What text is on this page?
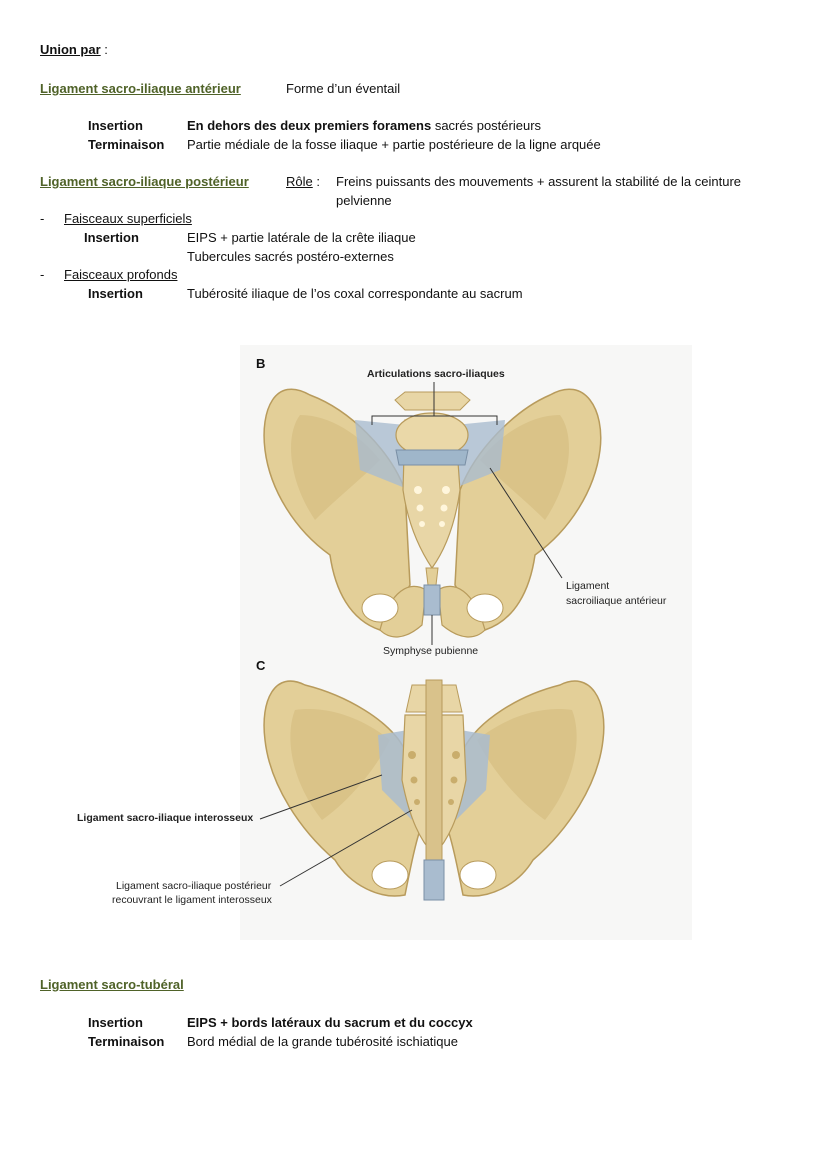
Union par :
Ligament sacro-iliaque antérieur	Forme d’un éventail
Insertion	En dehors des deux premiers foramens sacrés postérieurs
Terminaison Partie médiale de la fosse iliaque + partie postérieure de la ligne arquée
Ligament sacro-iliaque postérieur	Rôle : Freins puissants des mouvements + assurent la stabilité de la ceinture
pelvienne
- Faisceaux superficiels
Insertion	EIPS + partie latérale de la crête iliaque
Tubercules sacrés postéro-externes
- Faisceaux profonds
Insertion	Tubérosité iliaque de l’os coxal correspondante au sacrum
B
Articulations sacro-iliaques
Ligament
sacroiliaque antérieur
Symphyse pubienne
C
Ligament sacro-iliaque interosseux
Ligament sacro-iliaque postérieur
recouvrant le ligament interosseux
Ligament sacro-tubéral
Insertion	EIPS + bords latéraux du sacrum et du coccyx
Terminaison Bord médial de la grande tubérosité ischiatique
